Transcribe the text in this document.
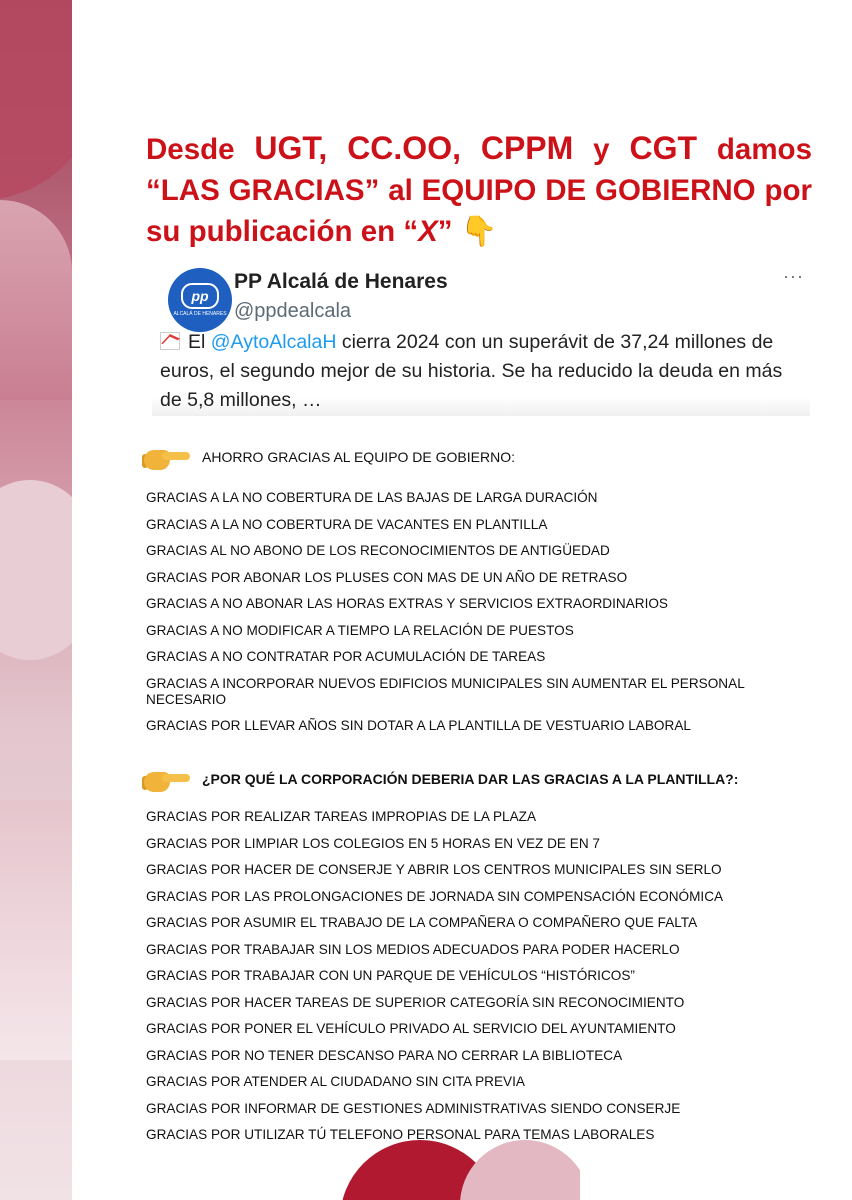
Desde UGT, CC.OO, CPPM y CGT damos “LAS GRACIAS” al EQUIPO DE GOBIERNO por su publicación en “X” 👇
pp
ALCALÁ DE HENARES
PP Alcalá de Henares
@ppdealcala
···
El @AytoAlcalaH cierra 2024 con un superávit de 37,24 millones de euros, el segundo mejor de su historia. Se ha reducido la deuda en más de 5,8 millones, …
AHORRO GRACIAS AL EQUIPO DE GOBIERNO:
GRACIAS A LA NO COBERTURA DE LAS BAJAS DE LARGA DURACIÓN
GRACIAS A LA NO COBERTURA DE VACANTES EN PLANTILLA
GRACIAS AL NO ABONO DE LOS RECONOCIMIENTOS DE ANTIGÜEDAD
GRACIAS POR ABONAR LOS PLUSES CON MAS DE UN AÑO DE RETRASO
GRACIAS A NO ABONAR LAS HORAS EXTRAS Y SERVICIOS EXTRAORDINARIOS
GRACIAS A NO MODIFICAR A TIEMPO LA RELACIÓN DE PUESTOS
GRACIAS A NO CONTRATAR POR ACUMULACIÓN DE TAREAS
GRACIAS A INCORPORAR NUEVOS EDIFICIOS MUNICIPALES SIN AUMENTAR EL PERSONAL NECESARIO
GRACIAS POR LLEVAR AÑOS SIN DOTAR A LA PLANTILLA DE VESTUARIO LABORAL
¿POR QUÉ LA CORPORACIÓN DEBERIA DAR LAS GRACIAS A LA PLANTILLA?:
GRACIAS POR REALIZAR TAREAS IMPROPIAS DE LA PLAZA
GRACIAS POR LIMPIAR LOS COLEGIOS EN 5 HORAS EN VEZ DE EN 7
GRACIAS POR HACER DE CONSERJE Y ABRIR LOS CENTROS MUNICIPALES SIN SERLO
GRACIAS POR LAS PROLONGACIONES DE JORNADA SIN COMPENSACIÓN ECONÓMICA
GRACIAS POR ASUMIR EL TRABAJO DE LA COMPAÑERA O COMPAÑERO QUE FALTA
GRACIAS POR TRABAJAR SIN LOS MEDIOS ADECUADOS PARA PODER HACERLO
GRACIAS POR TRABAJAR CON UN PARQUE DE VEHÍCULOS “HISTÓRICOS”
GRACIAS POR HACER TAREAS DE SUPERIOR CATEGORÍA SIN RECONOCIMIENTO
GRACIAS POR PONER EL VEHÍCULO PRIVADO AL SERVICIO DEL AYUNTAMIENTO
GRACIAS POR NO TENER DESCANSO PARA NO CERRAR LA BIBLIOTECA
GRACIAS POR ATENDER AL CIUDADANO SIN CITA PREVIA
GRACIAS POR INFORMAR DE GESTIONES ADMINISTRATIVAS SIENDO CONSERJE
GRACIAS POR UTILIZAR TÚ TELEFONO PERSONAL PARA TEMAS LABORALES
